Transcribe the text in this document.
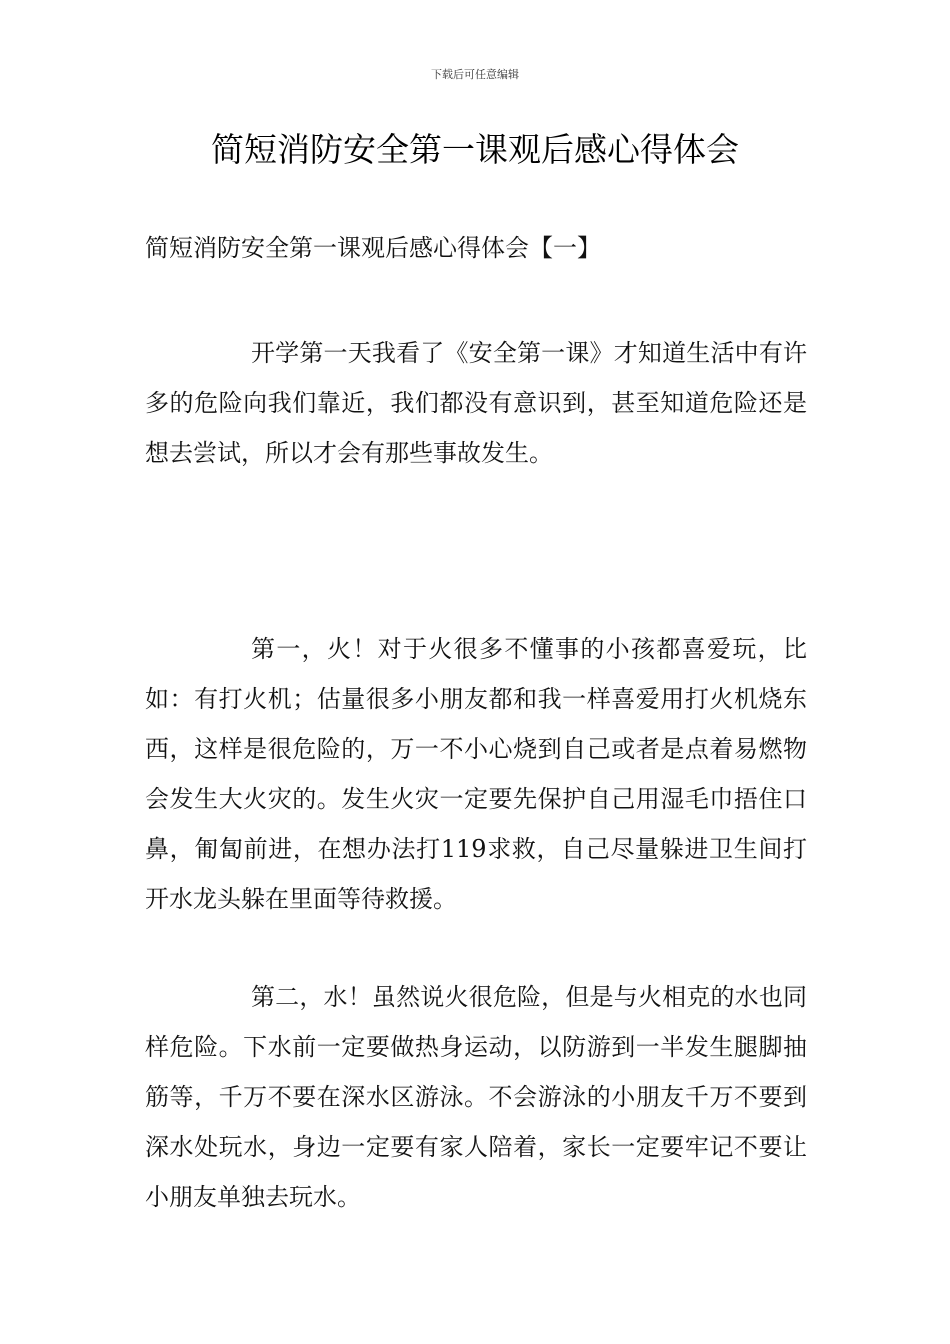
下载后可任意编辑
简短消防安全第一课观后感心得体会
简短消防安全第一课观后感心得体会【一】

开学第一天我看了《安全第一课》才知道生活中有许多的危险向我们靠近，我们都没有意识到，甚至知道危险还是想去尝试，所以才会有那些事故发生。

第一，火！对于火很多不懂事的小孩都喜爱玩，比如：有打火机；估量很多小朋友都和我一样喜爱用打火机烧东西，这样是很危险的，万一不小心烧到自己或者是点着易燃物会发生大火灾的。发生火灾一定要先保护自己用湿毛巾捂住口鼻，匍匐前进，在想办法打119求救，自己尽量躲进卫生间打开水龙头躲在里面等待救援。

第二，水！虽然说火很危险，但是与火相克的水也同样危险。下水前一定要做热身运动，以防游到一半发生腿脚抽筋等，千万不要在深水区游泳。不会游泳的小朋友千万不要到深水处玩水，身边一定要有家人陪着，家长一定要牢记不要让小朋友单独去玩水。
